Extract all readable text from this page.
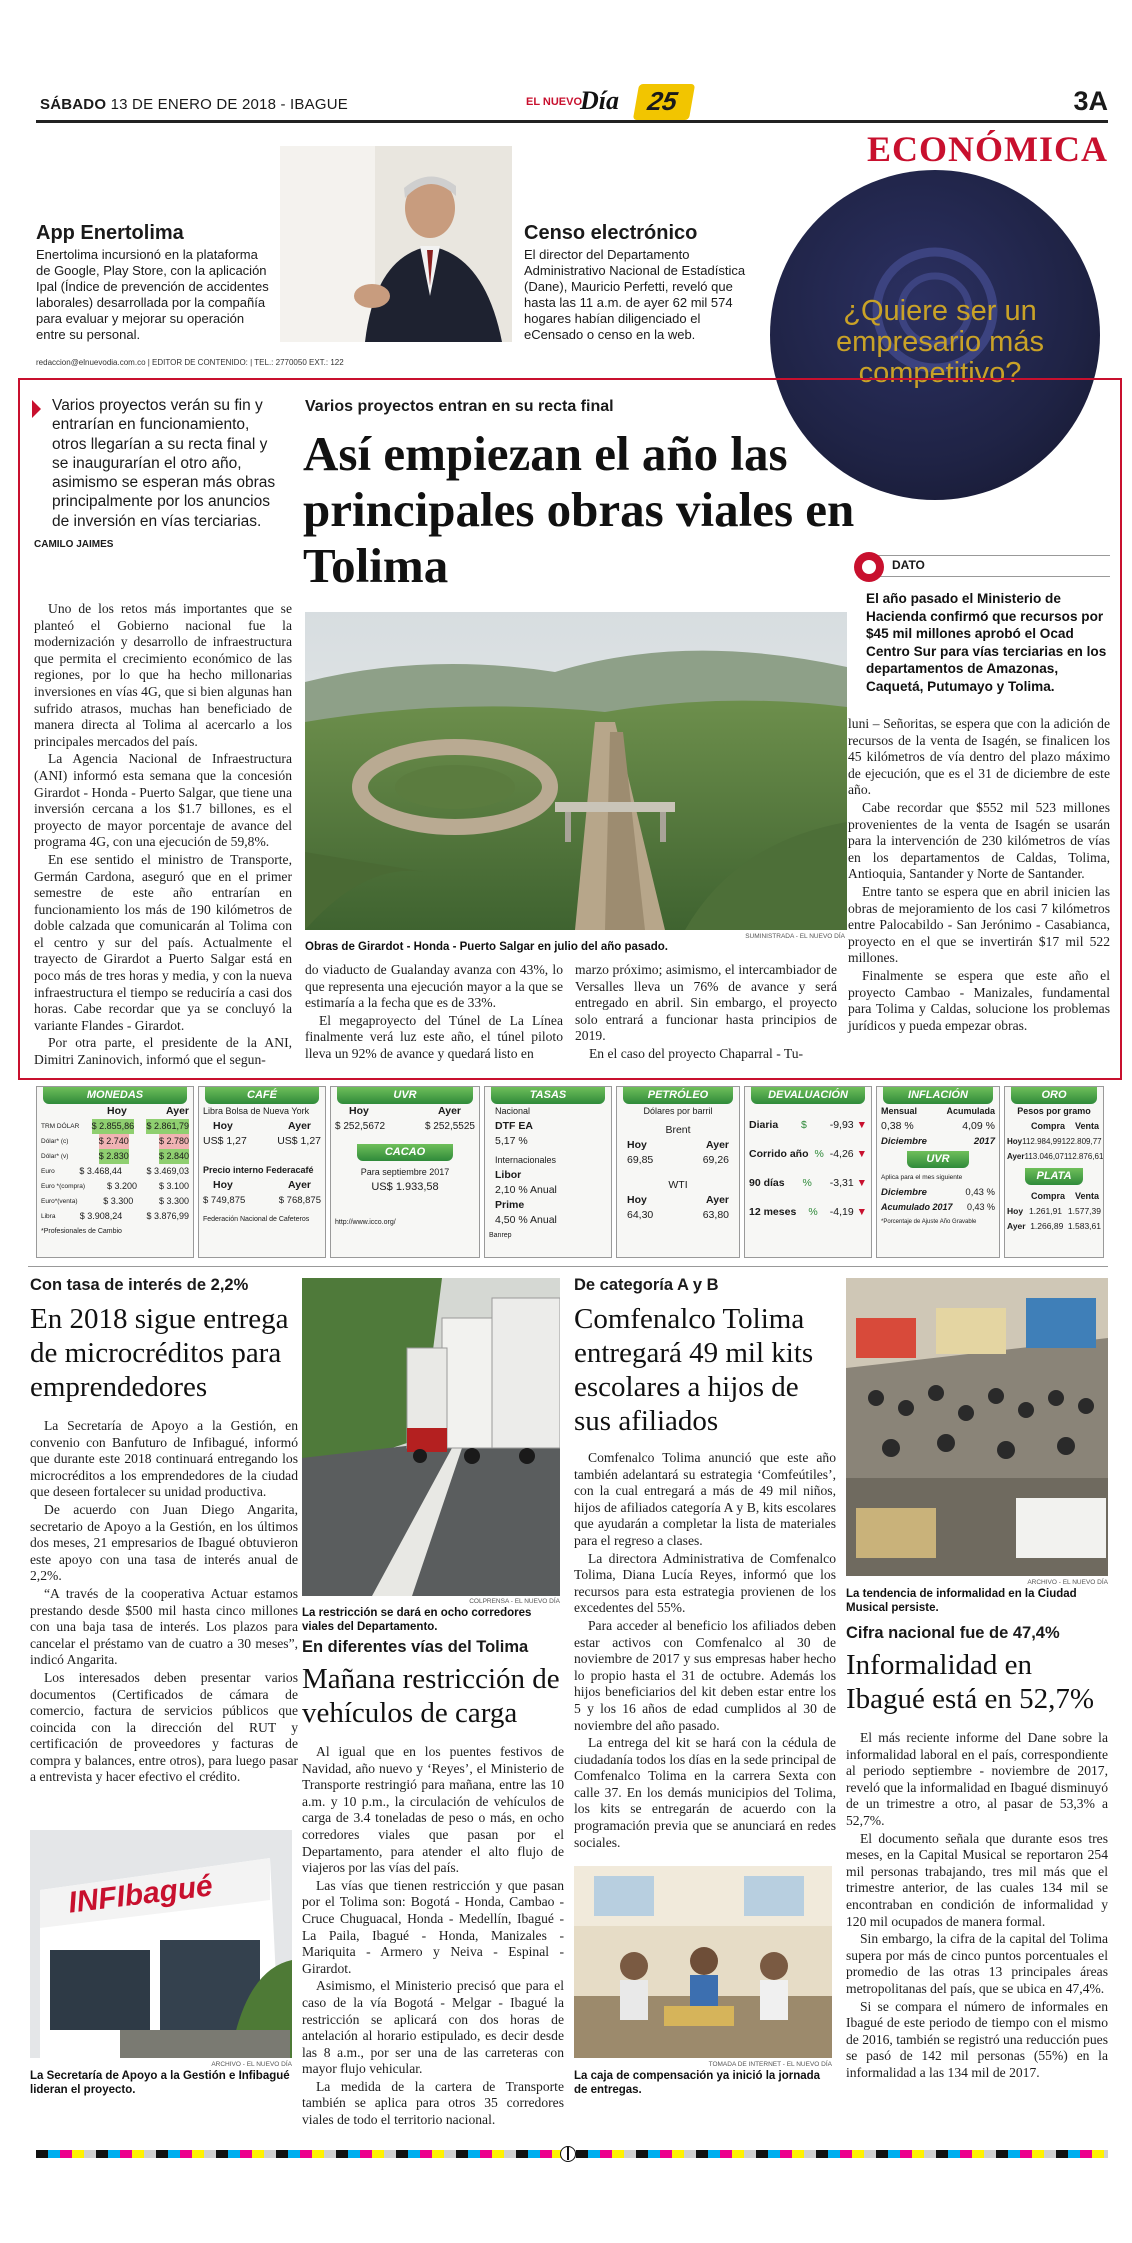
SÁBADO 13 DE ENERO DE 2018 - IBAGUE	EL NUEVO
Día 25	3A
ECONÓMICA
App Enertolima
Enertolima incursionó en la plataforma de Google, Play Store, con la aplicación Ipal (Índice de prevención de accidentes laborales) desarrollada por la compañía para evaluar y mejorar su operación entre su personal.
Censo electrónico
El director del Departamento Administrativo Nacional de Estadística (Dane), Mauricio Perfetti, reveló que hasta las 11 a.m. de ayer 62 mil 574 hogares habían diligenciado el eCensado o censo en la web.
redaccion@elnuevodia.com.co | EDITOR DE CONTENIDO: | TEL.: 2770050 EXT.: 122
¿Quiere ser un empresario más competitivo?
Varios proyectos verán su fin y entrarían en funcionamiento, otros llegarían a su recta final y se inaugurarían el otro año, asimismo se esperan más obras principalmente por los anuncios de inversión en vías terciarias.
CAMILO JAIMES
Varios proyectos entran en su recta final
Así empiezan el año las principales obras viales en Tolima

Uno de los retos más importantes que se planteó el Gobierno nacional fue la modernización y desarrollo de infraestructura que permita el crecimiento económico de las regiones, por lo que ha hecho millonarias inversiones en vías 4G, que si bien algunas han sufrido atrasos, muchas han beneficiado de manera directa al Tolima al acercarlo a los principales mercados del país.

La Agencia Nacional de Infraestructura (ANI) informó esta semana que la concesión Girardot - Honda - Puerto Salgar, que tiene una inversión cercana a los $1.7 billones, es el proyecto de mayor porcentaje de avance del programa 4G, con una ejecución de 59,8%.

En ese sentido el ministro de Transporte, Germán Cardona, aseguró que en el primer semestre de este año entrarían en funcionamiento los más de 190 kilómetros de doble calzada que comunicarán al Tolima con el centro y sur del país. Actualmente el trayecto de Girardot a Puerto Salgar está en poco más de tres horas y media, y con la nueva infraestructura el tiempo se reduciría a casi dos horas. Cabe recordar que ya se concluyó la variante Flandes - Girardot.

Por otra parte, el presidente de la ANI, Dimitri Zaninovich, informó que el segun-

SUMINISTRADA - EL NUEVO DÍA
Obras de Girardot - Honda - Puerto Salgar en julio del año pasado.

do viaducto de Gualanday avanza con 43%, lo que representa una ejecución mayor a la que se estimaría a la fecha que es de 33%.

El megaproyecto del Túnel de La Línea finalmente verá luz este año, el túnel piloto lleva un 92% de avance y quedará listo en

marzo próximo; asimismo, el intercambiador de Versalles lleva un 76% de avance y será entregado en abril. Sin embargo, el proyecto solo entrará a funcionar hasta principios de 2019.

En el caso del proyecto Chaparral - Tu-

DATO
El año pasado el Ministerio de Hacienda confirmó que recursos por $45 mil millones aprobó el Ocad Centro Sur para vías terciarias en los departamentos de Amazonas, Caquetá, Putumayo y Tolima.

luni – Señoritas, se espera que con la adición de recursos de la venta de Isagén, se finalicen los 45 kilómetros de vía dentro del plazo máximo de ejecución, que es el 31 de diciembre de este año.

Cabe recordar que $552 mil 523 millones provenientes de la venta de Isagén se usarán para la intervención de 230 kilómetros de vías en los departamentos de Caldas, Tolima, Antioquia, Santander y Norte de Santander.

Entre tanto se espera que en abril inicien las obras de mejoramiento de los casi 7 kilómetros entre Palocabildo - San Jerónimo - Casabianca, proyecto en el que se invertirán $17 mil 522 millones.

Finalmente se espera que este año el proyecto Cambao - Manizales, fundamental para Tolima y Caldas, solucione los problemas jurídicos y pueda empezar obras.

MONEDAS
Hoy	Ayer
TRM DÓLAR $ 2.855,86 $ 2.861,79
Dólar* (c)	$ 2.740	$ 2.780
Dólar* (v)	$ 2.830	$ 2.840
Euro	$ 3.468,44	$ 3.469,03
Euro *(compra) $ 3.200 $ 3.100
Euro*(venta)	$ 3.300	$ 3.300
Libra	$ 3.908,24	$ 3.876,99
*Profesionales de Cambio
CAFÉ
Libra Bolsa de Nueva York
Hoy	Ayer
US$ 1,27	US$ 1,27
Precio interno Federacafé
Hoy	Ayer
$ 749,875	$ 768,875
Federación Nacional de Cafeteros
UVR
Hoy	Ayer
$ 252,5672	$ 252,5525
CACAO
Para septiembre 2017
US$ 1.933,58
http://www.icco.org/
TASAS
Nacional
DTF EA
5,17 %
Internacionales
Libor
2,10 % Anual
Prime
4,50 % Anual
Banrep
PETRÓLEO
Dólares por barril
Brent
Hoy	Ayer
69,85	69,26
WTI
Hoy	Ayer
64,30	63,80
DEVALUACIÓN
Diaria $ -9,93 ▼
Corrido año % -4,26 ▼
90 días % -3,31 ▼
12 meses % -4,19 ▼
INFLACIÓN
Mensual	Acumulada
0,38 %	4,09 %
Diciembre	2017
UVR
Aplica para el mes siguiente
Diciembre	0,43 %
Acumulado 2017 0,43 %
*Porcentaje de Ajuste Año Gravable
ORO
Pesos por gramo
Compra Venta
Hoy 112.984,99 122.809,77
Ayer 113.046,07 112.876,61
PLATA
Compra Venta
Hoy 1.261,91 1.577,39
Ayer 1.266,89 1.583,61
Con tasa de interés de 2,2%
En 2018 sigue entrega de microcréditos para emprendedores

La Secretaría de Apoyo a la Gestión, en convenio con Banfuturo de Infibagué, informó que durante este 2018 continuará entregando los microcréditos a los emprendedores de la ciudad que deseen fortalecer su unidad productiva.

De acuerdo con Juan Diego Angarita, secretario de Apoyo a la Gestión, en los últimos dos meses, 21 empresarios de Ibagué obtuvieron este apoyo con una tasa de interés anual de 2,2%.

“A través de la cooperativa Actuar estamos prestando desde $500 mil hasta cinco millones con una baja tasa de interés. Los plazos para cancelar el préstamo van de cuatro a 30 meses”, indicó Angarita.

Los interesados deben presentar varios documentos (Certificados de cámara de comercio, factura de servicios públicos que coincida con la dirección del RUT y certificación de proveedores y facturas de compra y balances, entre otros), para luego pasar a entrevista y hacer efectivo el crédito.

INFIbagué
ARCHIVO - EL NUEVO DÍA
La Secretaría de Apoyo a la Gestión e Infibagué lideran el proyecto.
COLPRENSA - EL NUEVO DÍA
La restricción se dará en ocho corredores viales del Departamento.
En diferentes vías del Tolima
Mañana restricción de vehículos de carga

Al igual que en los puentes festivos de Navidad, año nuevo y ‘Reyes’, el Ministerio de Transporte restringió para mañana, entre las 10 a.m. y 10 p.m., la circulación de vehículos de carga de 3.4 toneladas de peso o más, en ocho corredores viales que pasan por el Departamento, para atender el alto flujo de viajeros por las vías del país.

Las vías que tienen restricción y que pasan por el Tolima son: Bogotá - Honda, Cambao - Cruce Chuguacal, Honda - Medellín, Ibagué - La Paila, Ibagué - Honda, Manizales - Mariquita - Armero y Neiva - Espinal - Girardot.

Asimismo, el Ministerio precisó que para el caso de la vía Bogotá - Melgar - Ibagué la restricción se aplicará con dos horas de antelación al horario estipulado, es decir desde las 8 a.m., por ser una de las carreteras con mayor flujo vehicular.

La medida de la cartera de Transporte también se aplica para otros 35 corredores viales de todo el territorio nacional.

De categoría A y B
Comfenalco Tolima entregará 49 mil kits escolares a hijos de sus afiliados

Comfenalco Tolima anunció que este año también adelantará su estrategia ‘Comfeútiles’, con la cual entregará a más de 49 mil niños, hijos de afiliados categoría A y B, kits escolares que ayudarán a completar la lista de materiales para el regreso a clases.

La directora Administrativa de Comfenalco Tolima, Diana Lucía Reyes, informó que los recursos para esta estrategia provienen de los excedentes del 55%.

Para acceder al beneficio los afiliados deben estar activos con Comfenalco al 30 de noviembre de 2017 y sus empresas haber hecho lo propio hasta el 31 de octubre. Además los hijos beneficiarios del kit deben estar entre los 5 y los 16 años de edad cumplidos al 30 de noviembre del año pasado.

La entrega del kit se hará con la cédula de ciudadanía todos los días en la sede principal de Comfenalco Tolima en la carrera Sexta con calle 37. En los demás municipios del Tolima, los kits se entregarán de acuerdo con la programación previa que se anunciará en redes sociales.

TOMADA DE INTERNET - EL NUEVO DÍA
La caja de compensación ya inició la jornada de entregas.
ARCHIVO - EL NUEVO DÍA
La tendencia de informalidad en la Ciudad Musical persiste.
Cifra nacional fue de 47,4%
Informalidad en Ibagué está en 52,7%

El más reciente informe del Dane sobre la informalidad laboral en el país, correspondiente al periodo septiembre - noviembre de 2017, reveló que la informalidad en Ibagué disminuyó de un trimestre a otro, al pasar de 53,3% a 52,7%.

El documento señala que durante esos tres meses, en la Capital Musical se reportaron 254 mil personas trabajando, tres mil más que el trimestre anterior, de las cuales 134 mil se encontraban en condición de informalidad y 120 mil ocupados de manera formal.

Sin embargo, la cifra de la capital del Tolima supera por más de cinco puntos porcentuales el promedio de las otras 13 principales áreas metropolitanas del país, que se ubica en 47,4%.

Si se compara el número de informales en Ibagué de este periodo de tiempo con el mismo de 2016, también se registró una reducción pues se pasó de 142 mil personas (55%) en la informalidad a las 134 mil de 2017.
